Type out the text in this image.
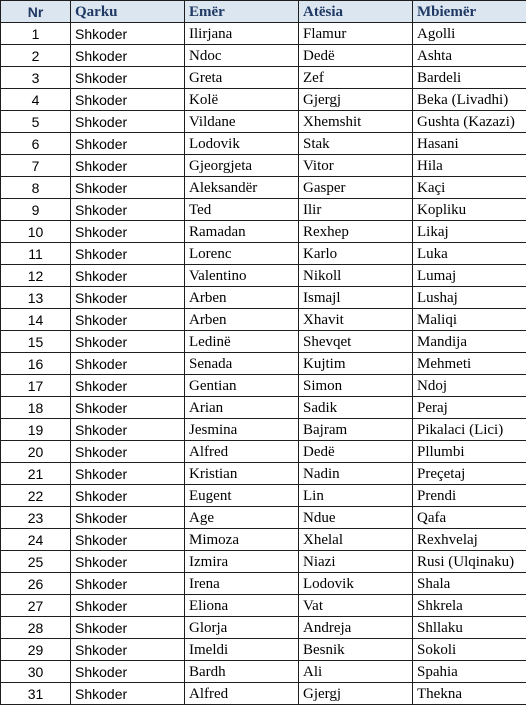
Nr	Qarku	Emër	Atësia	Mbiemër
1	Shkoder	Ilirjana	Flamur	Agolli
2	Shkoder	Ndoc	Dedë	Ashta
3	Shkoder	Greta	Zef	Bardeli
4	Shkoder	Kolë	Gjergj	Beka (Livadhi)
5	Shkoder	Vildane	Xhemshit	Gushta (Kazazi)
6	Shkoder	Lodovik	Stak	Hasani
7	Shkoder	Gjeorgjeta	Vitor	Hila
8	Shkoder	Aleksandër	Gasper	Kaçi
9	Shkoder	Ted	Ilir	Kopliku
10	Shkoder	Ramadan	Rexhep	Likaj
11	Shkoder	Lorenc	Karlo	Luka
12	Shkoder	Valentino	Nikoll	Lumaj
13	Shkoder	Arben	Ismajl	Lushaj
14	Shkoder	Arben	Xhavit	Maliqi
15	Shkoder	Ledinë	Shevqet	Mandija
16	Shkoder	Senada	Kujtim	Mehmeti
17	Shkoder	Gentian	Simon	Ndoj
18	Shkoder	Arian	Sadik	Peraj
19	Shkoder	Jesmina	Bajram	Pikalaci (Lici)
20	Shkoder	Alfred	Dedë	Pllumbi
21	Shkoder	Kristian	Nadin	Preçetaj
22	Shkoder	Eugent	Lin	Prendi
23	Shkoder	Age	Ndue	Qafa
24	Shkoder	Mimoza	Xhelal	Rexhvelaj
25	Shkoder	Izmira	Niazi	Rusi (Ulqinaku)
26	Shkoder	Irena	Lodovik	Shala
27	Shkoder	Eliona	Vat	Shkrela
28	Shkoder	Glorja	Andreja	Shllaku
29	Shkoder	Imeldi	Besnik	Sokoli
30	Shkoder	Bardh	Ali	Spahia
31	Shkoder	Alfred	Gjergj	Thekna
